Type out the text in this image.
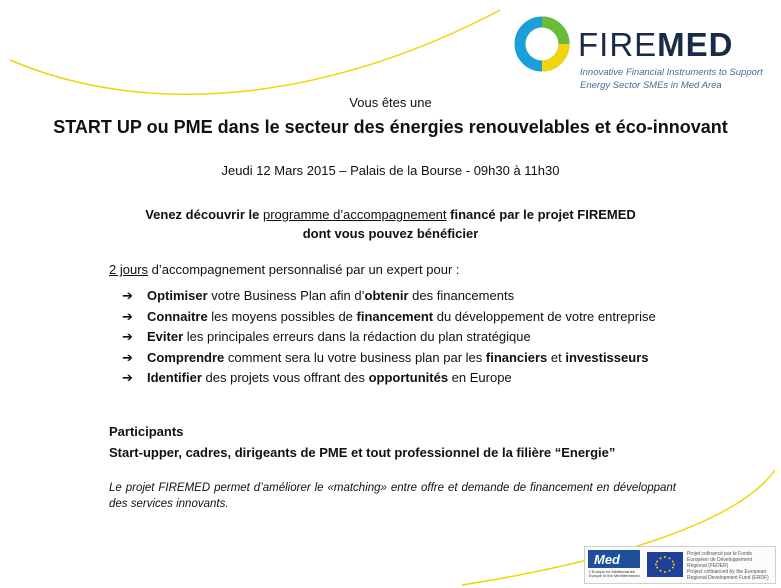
FIREMED
Innovative Financial Instruments to Support
Energy Sector SMEs in Med Area
Vous êtes une
START UP ou PME dans le secteur des énergies renouvelables et éco-innovant
Jeudi 12 Mars 2015 – Palais de la Bourse - 09h30 à 11h30
Venez découvrir le programme d’accompagnement financé par le projet FIREMED
dont vous pouvez bénéficier
2 jours d’accompagnement personnalisé par un expert pour :
➔ Optimiser votre Business Plan afin d’obtenir des financements
➔ Connaitre les moyens possibles de financement du développement de votre entreprise
➔ Eviter les principales erreurs dans la rédaction du plan stratégique
➔ Comprendre comment sera lu votre business plan par les financiers et investisseurs
➔ Identifier des projets vous offrant des opportunités en Europe
Participants
Start-upper, cadres, dirigeants de PME et tout professionnel de la filière “Energie”
Le projet FIREMED permet d’améliorer le «matching» entre offre et demande de financement en développant des services innovants.
Med
L’Europe en Méditerranée
Europe in the Mediterranean
Projet cofinancé par le Fonds Européen de Développement Régional (FEDER)
Project cofinanced by the European Regional Development Fund (ERDF)
